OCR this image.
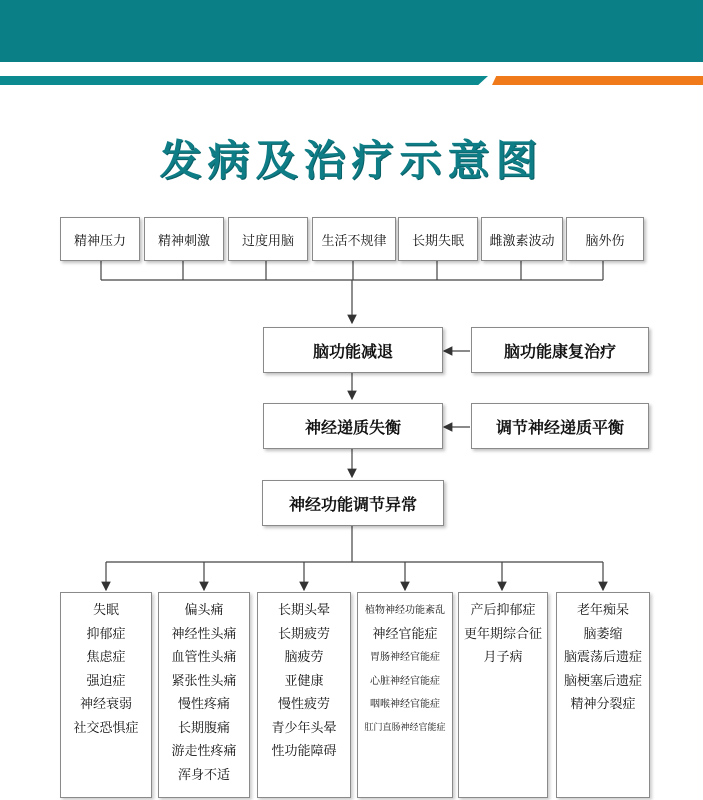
发病及治疗示意图
精神压力	精神刺激	过度用脑	生活不规律	长期失眠	雌激素波动	脑外伤
脑功能减退	脑功能康复治疗
神经递质失衡	调节神经递质平衡
神经功能调节异常
失眠
抑郁症
焦虑症
强迫症
神经衰弱
社交恐惧症
偏头痛
神经性头痛
血管性头痛
紧张性头痛
慢性疼痛
长期腹痛
游走性疼痛
浑身不适
长期头晕
长期疲劳
脑疲劳
亚健康
慢性疲劳
青少年头晕
性功能障碍
植物神经功能紊乱
神经官能症
胃肠神经官能症
心脏神经官能症
咽喉神经官能症
肛门直肠神经官能症
产后抑郁症
更年期综合征
月子病
老年痴呆
脑萎缩
脑震荡后遗症
脑梗塞后遗症
精神分裂症
